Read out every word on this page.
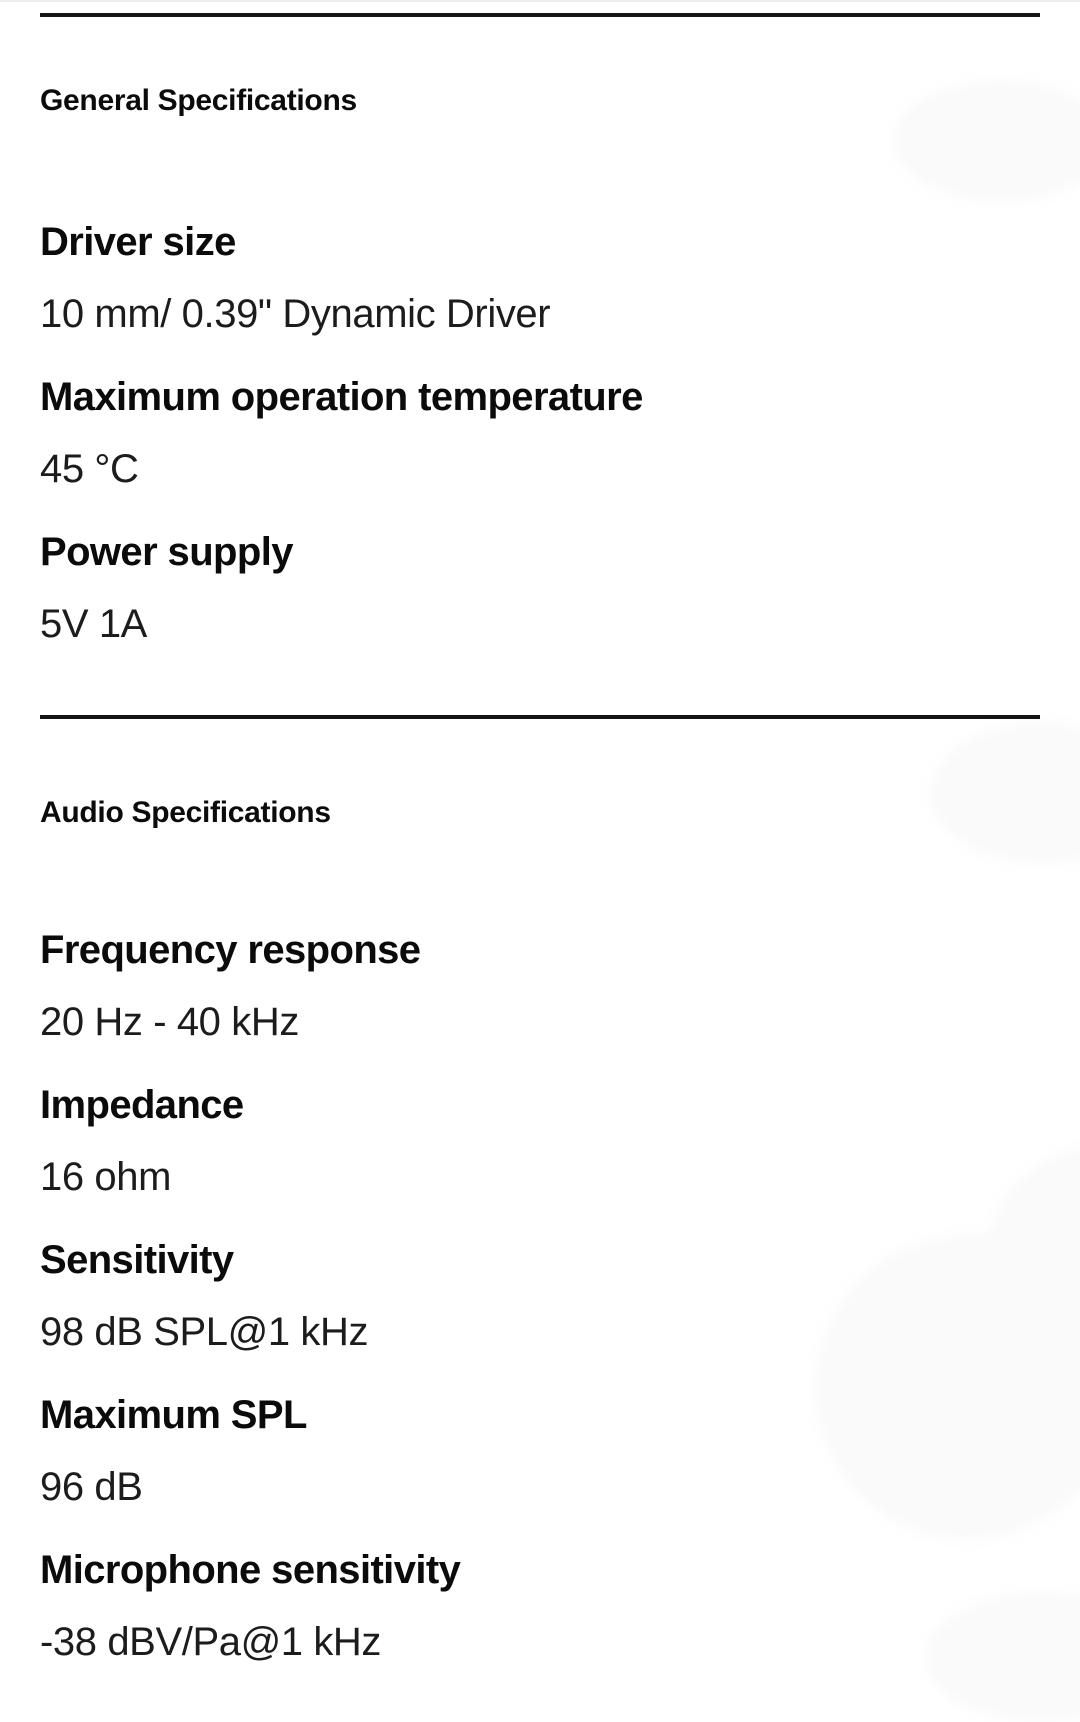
General Specifications
Driver size
10 mm/ 0.39" Dynamic Driver
Maximum operation temperature
45 °C
Power supply
5V 1A
Audio Specifications
Frequency response
20 Hz - 40 kHz
Impedance
16 ohm
Sensitivity
98 dB SPL@1 kHz
Maximum SPL
96 dB
Microphone sensitivity
-38 dBV/Pa@1 kHz
